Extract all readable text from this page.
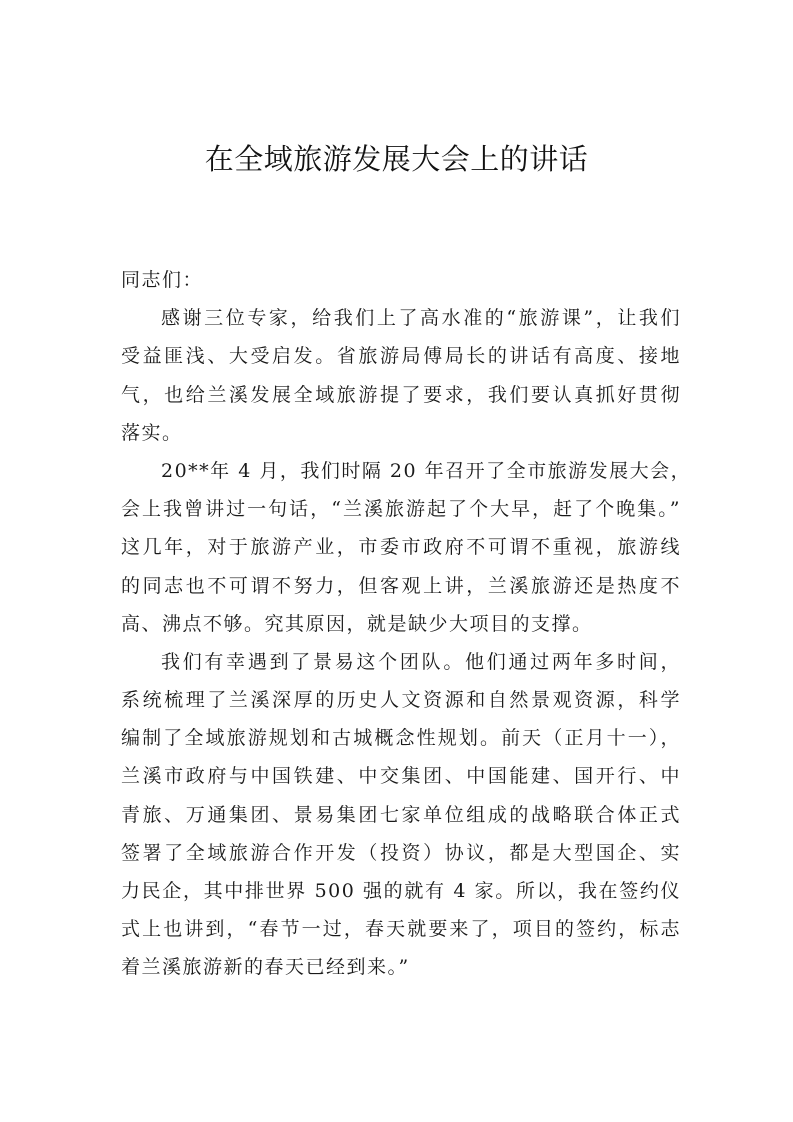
在全域旅游发展大会上的讲话
同志们：
感谢三位专家，给我们上了高水准的“旅游课”，让我们
受益匪浅、大受启发。省旅游局傅局长的讲话有高度、接地
气，也给兰溪发展全域旅游提了要求，我们要认真抓好贯彻
落实。
20**年 4 月，我们时隔 20 年召开了全市旅游发展大会，
会上我曾讲过一句话，“兰溪旅游起了个大早，赶了个晚集。”
这几年，对于旅游产业，市委市政府不可谓不重视，旅游线
的同志也不可谓不努力，但客观上讲，兰溪旅游还是热度不
高、沸点不够。究其原因，就是缺少大项目的支撑。
我们有幸遇到了景易这个团队。他们通过两年多时间，
系统梳理了兰溪深厚的历史人文资源和自然景观资源，科学
编制了全域旅游规划和古城概念性规划。前天（正月十一），
兰溪市政府与中国铁建、中交集团、中国能建、国开行、中
青旅、万通集团、景易集团七家单位组成的战略联合体正式
签署了全域旅游合作开发（投资）协议，都是大型国企、实
力民企，其中排世界 500 强的就有 4 家。所以，我在签约仪
式上也讲到，“春节一过，春天就要来了，项目的签约，标志
着兰溪旅游新的春天已经到来。”
